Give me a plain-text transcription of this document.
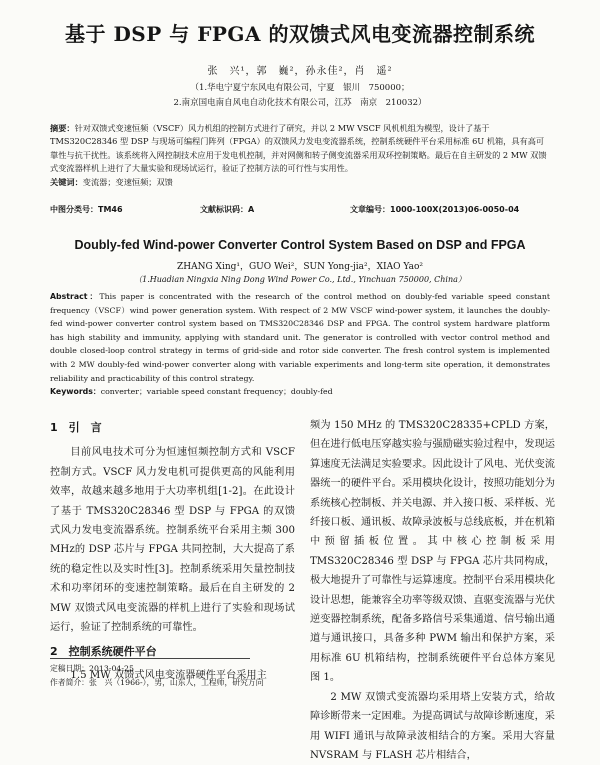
基于 DSP 与 FPGA 的双馈式风电变流器控制系统
张　兴¹，郭　巍²，孙永佳²，肖　遥²
（1.华电宁夏宁东风电有限公司，宁夏　银川　750000；
2.南京国电南自风电自动化技术有限公司，江苏　南京　210032）

摘要：针对双馈式变速恒频（VSCF）风力机组的控制方式进行了研究，并以 2 MW VSCF 风机机组为模型，设计了基于 TMS320C28346 型 DSP 与现场可编程门阵列（FPGA）的双馈风力发电变流器系统，控制系统硬件平台采用标准 6U 机箱，具有高可靠性与抗干扰性。该系统将入网控制技术应用于发电机控制，并对网侧和转子侧变流器采用双环控制策略。最后在自主研发的 2 MW 双馈式变流器样机上进行了大量实验和现场试运行，验证了控制方法的可行性与实用性。

关键词：变流器；变速恒频；双馈

中图分类号：TM46	文献标识码：A	文章编号：1000-100X(2013)06-0050-04
Doubly-fed Wind-power Converter Control System Based on DSP and FPGA
ZHANG Xing¹，GUO Wei²，SUN Yong-jia²，XIAO Yao²
（1.Huadian Ningxia Ning Dong Wind Power Co., Ltd., Yinchuan 750000, China）

Abstract：This paper is concentrated with the research of the control method on doubly-fed variable speed constant frequency（VSCF）wind power generation system. With respect of 2 MW VSCF wind-power system, it launches the doubly-fed wind-power converter control system based on TMS320C28346 DSP and FPGA. The control system hardware platform has high stability and immunity, applying with standard unit. The generator is controlled with vector control method and double closed-loop control strategy in terms of grid-side and rotor side converter. The fresh control system is implemented with 2 MW doubly-fed wind-power converter along with variable experiments and long-term site operation, it demonstrates reliability and practicability of this control strategy.

Keywords：converter；variable speed constant frequency；doubly-fed

1　引　言

目前风电技术可分为恒速恒频控制方式和 VSCF控制方式。VSCF 风力发电机可提供更高的风能利用效率，故越来越多地用于大功率机组[1-2]。在此设计了基于 TMS320C28346 型 DSP 与 FPGA 的双馈式风力发电变流器系统。控制系统平台采用主频 300 MHz的 DSP 芯片与 FPGA 共同控制，大大提高了系统的稳定性以及实时性[3]。控制系统采用矢量控制技术和功率闭环的变速控制策略。最后在自主研发的 2 MW 双馈式风电变流器的样机上进行了实验和现场试运行，验证了控制系统的可靠性。

2　控制系统硬件平台

1.5 MW 双馈式风电变流器硬件平台采用主

频为 150 MHz 的 TMS320C28335+CPLD 方案，但在进行低电压穿越实验与强励磁实验过程中，发现运算速度无法满足实验要求。因此设计了风电、光伏变流器统一的硬件平台。采用模块化设计，按照功能划分为系统核心控制板、并关电源、并入接口板、采样板、光纤接口板、通讯板、故障录波板与总线底板，并在机箱中预留插板位置。其中核心控制板采用 TMS320C28346 型 DSP 与 FPGA 芯片共同构成，极大地提升了可靠性与运算速度。控制平台采用模块化设计思想，能兼容全功率等级双馈、直驱变流器与光伏逆变器控制系统，配备多路信号采集通道、信号输出通道与通讯接口，具备多种 PWM 输出和保护方案，采用标准 6U 机箱结构，控制系统硬件平台总体方案见图 1。

2 MW 双馈式变流器均采用塔上安装方式，给故障诊断带来一定困难。为提高调试与故障诊断速度，采用 WIFI 通讯与故障录波相结合的方案。采用大容量 NVSRAM 与 FLASH 芯片相结合，

定稿日期：2013-04-25
作者简介：张　兴（1966-），男，山东人，工程师，研究方向
